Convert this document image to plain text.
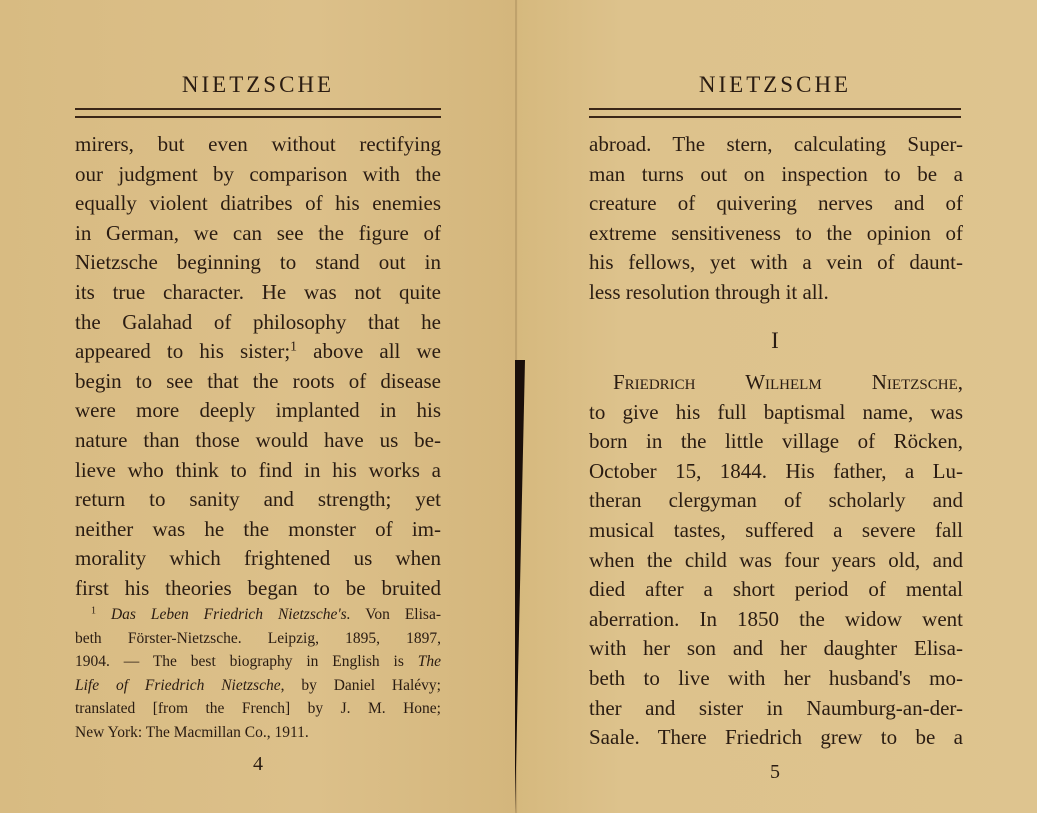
NIETZSCHE
mirers, but even without rectifying
our judgment by comparison with the
equally violent diatribes of his enemies
in German, we can see the figure of
Nietzsche beginning to stand out in
its true character. He was not quite
the Galahad of philosophy that he
appeared to his sister;$^1$ above all we
begin to see that the roots of disease
were more deeply implanted in his
nature than those would have us be-
lieve who think to find in his works a
return to sanity and strength; yet
neither was he the monster of im-
morality which frightened us when
first his theories began to be bruited
$^1$ Das Leben Friedrich Nietzsche's. Von Elisa-
beth Förster-Nietzsche. Leipzig, 1895, 1897,
1904. — The best biography in English is The
Life of Friedrich Nietzsche, by Daniel Halévy;
translated [from the French] by J. M. Hone;
New York: The Macmillan Co., 1911.
4
NIETZSCHE
abroad. The stern, calculating Super-
man turns out on inspection to be a
creature of quivering nerves and of
extreme sensitiveness to the opinion of
his fellows, yet with a vein of daunt-
less resolution through it all.
I
Friedrich Wilhelm Nietzsche,
to give his full baptismal name, was
born in the little village of Röcken,
October 15, 1844. His father, a Lu-
theran clergyman of scholarly and
musical tastes, suffered a severe fall
when the child was four years old, and
died after a short period of mental
aberration. In 1850 the widow went
with her son and her daughter Elisa-
beth to live with her husband's mo-
ther and sister in Naumburg-an-der-
Saale. There Friedrich grew to be a
5
